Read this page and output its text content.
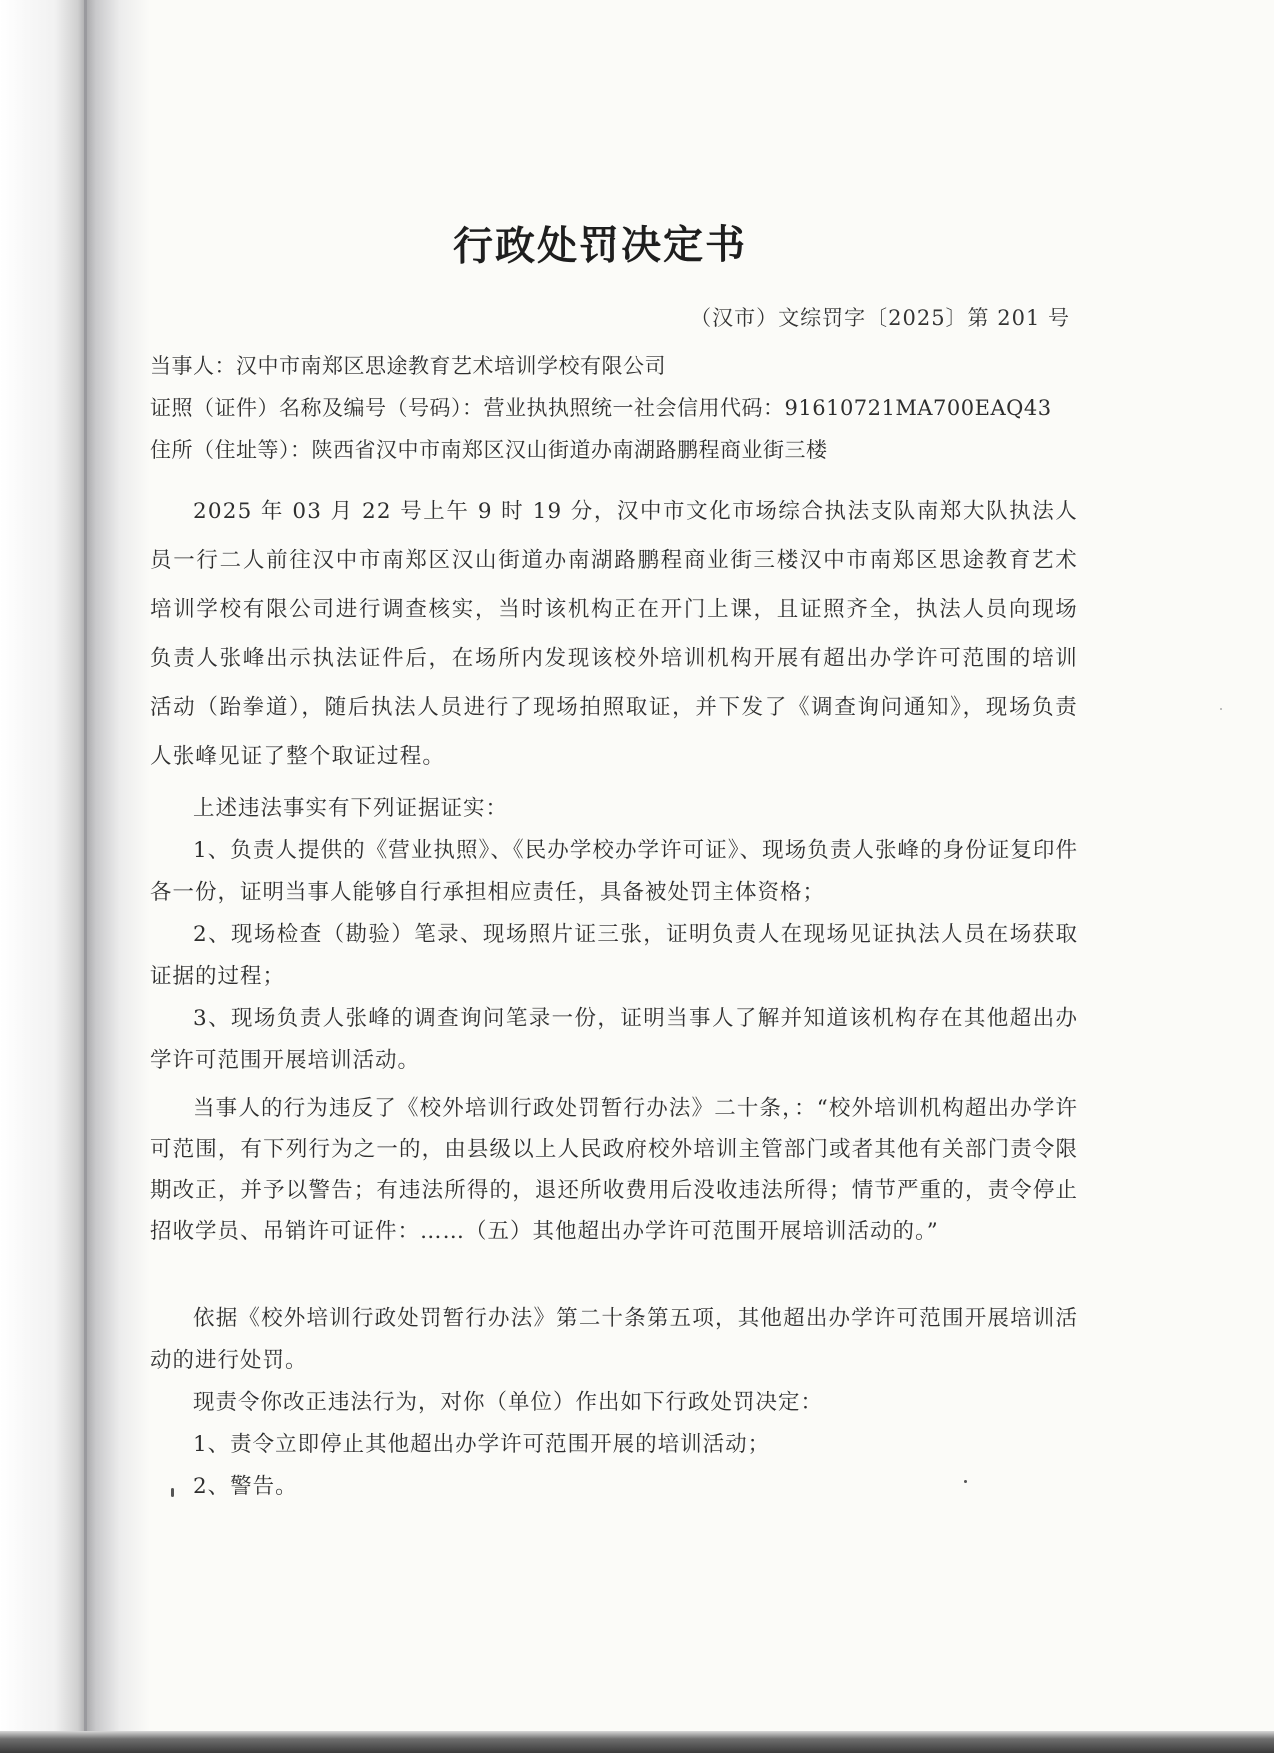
行政处罚决定书
（汉市）文综罚字〔2025〕第 201 号
当事人：汉中市南郑区思途教育艺术培训学校有限公司
证照（证件）名称及编号（号码）：营业执执照统一社会信用代码：91610721MA700EAQ43
住所（住址等）：陕西省汉中市南郑区汉山街道办南湖路鹏程商业街三楼
2025 年 03 月 22 号上午 9 时 19 分，汉中市文化市场综合执法支队南郑大队执法人员一行二人前往汉中市南郑区汉山街道办南湖路鹏程商业街三楼汉中市南郑区思途教育艺术培训学校有限公司进行调查核实，当时该机构正在开门上课，且证照齐全，执法人员向现场负责人张峰出示执法证件后，在场所内发现该校外培训机构开展有超出办学许可范围的培训活动（跆拳道），随后执法人员进行了现场拍照取证，并下发了《调查询问通知》，现场负责人张峰见证了整个取证过程。
上述违法事实有下列证据证实：
1、负责人提供的《营业执照》、《民办学校办学许可证》、现场负责人张峰的身份证复印件各一份，证明当事人能够自行承担相应责任，具备被处罚主体资格；
2、现场检查（勘验）笔录、现场照片证三张，证明负责人在现场见证执法人员在场获取证据的过程；
3、现场负责人张峰的调查询问笔录一份，证明当事人了解并知道该机构存在其他超出办学许可范围开展培训活动。
当事人的行为违反了《校外培训行政处罚暂行办法》二十条，：“校外培训机构超出办学许可范围，有下列行为之一的，由县级以上人民政府校外培训主管部门或者其他有关部门责令限期改正，并予以警告；有违法所得的，退还所收费用后没收违法所得；情节严重的，责令停止招收学员、吊销许可证件：……（五）其他超出办学许可范围开展培训活动的。”
依据《校外培训行政处罚暂行办法》第二十条第五项，其他超出办学许可范围开展培训活动的进行处罚。
现责令你改正违法行为，对你（单位）作出如下行政处罚决定：
1、责令立即停止其他超出办学许可范围开展的培训活动；
2、警告。
